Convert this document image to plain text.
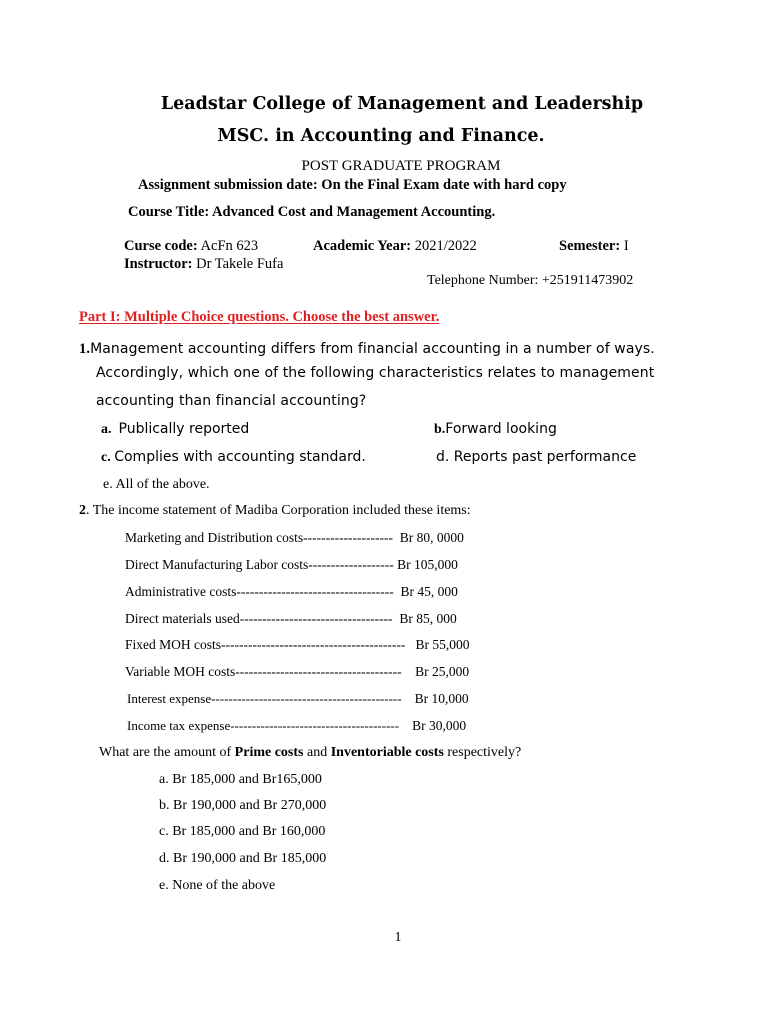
Leadstar College of Management and Leadership
MSC. in Accounting and Finance.
POST GRADUATE PROGRAM
Assignment submission date: On the Final Exam date with hard copy
Course Title: Advanced Cost and Management Accounting.
Curse code: AcFn 623	Academic Year: 2021/2022	Semester: I
Instructor: Dr Takele Fufa
Telephone Number: +251911473902
Part I: Multiple Choice questions. Choose the best answer.
1.Management accounting differs from financial accounting in a number of ways.
Accordingly, which one of the following characteristics relates to management
accounting than financial accounting?
a. Publically reported	b.Forward looking
c. Complies with accounting standard.	d. Reports past performance
e. All of the above.
2. The income statement of Madiba Corporation included these items:
Marketing and Distribution costs-------------------- Br 80, 0000
Direct Manufacturing Labor costs------------------- Br 105,000
Administrative costs----------------------------------- Br 45, 000
Direct materials used---------------------------------- Br 85, 000
Fixed MOH costs----------------------------------------- Br 55,000
Variable MOH costs------------------------------------- Br 25,000
Interest expense-------------------------------------------- Br 10,000
Income tax expense--------------------------------------- Br 30,000
What are the amount of Prime costs and Inventoriable costs respectively?
a. Br 185,000 and Br165,000
b. Br 190,000 and Br 270,000
c. Br 185,000 and Br 160,000
d. Br 190,000 and Br 185,000
e. None of the above
1
